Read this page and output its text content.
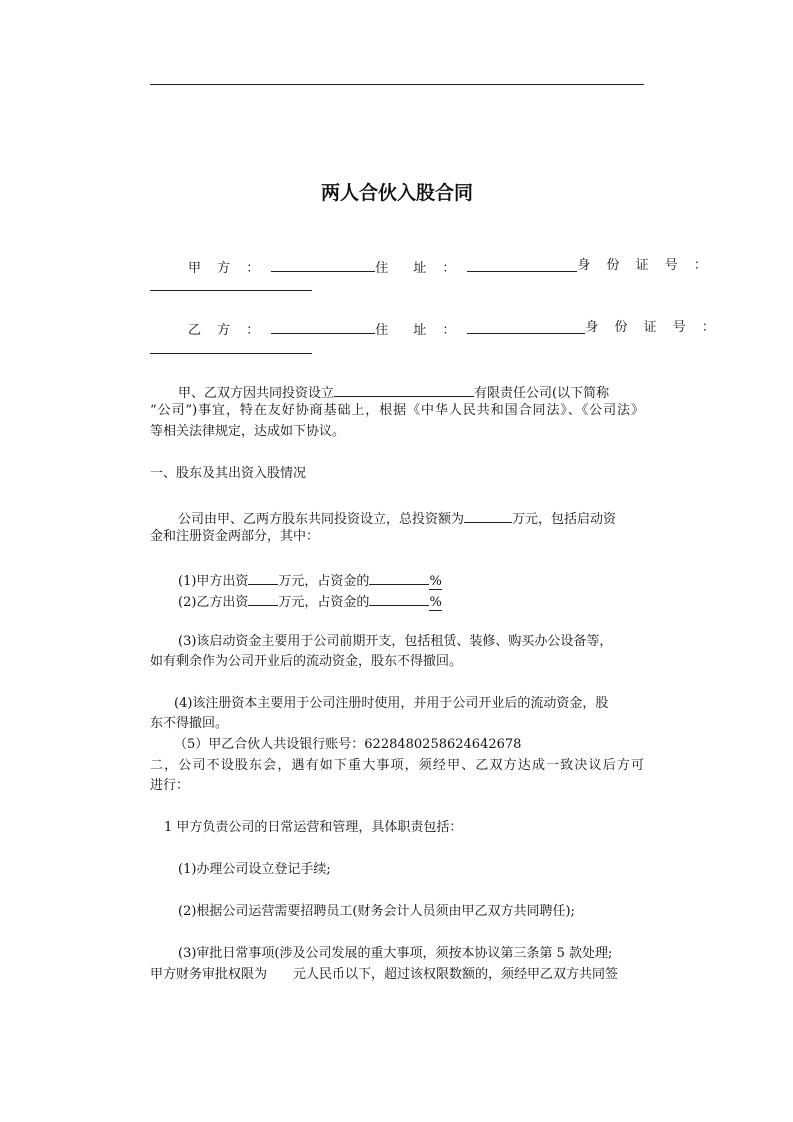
两人合伙入股合同
甲 方 ：	住　址 ：	身 份 证 号 ：
乙 方 ：	住　址 ：	身 份 证 号 ：
甲、乙双方因共同投资设立	有限责任公司(以下简称
“公司”)事宜，特在友好协商基础上，根据《中华人民共和国合同法》、《公司法》
等相关法律规定，达成如下协议。
一、股东及其出资入股情况
公司由甲、乙两方股东共同投资设立，总投资额为	万元，包括启动资
金和注册资金两部分，其中：
(1)甲方出资 万元，占资金的	%
(2)乙方出资 万元，占资金的	%
(3)该启动资金主要用于公司前期开支，包括租赁、装修、购买办公设备等，
如有剩余作为公司开业后的流动资金，股东不得撤回。
(4)该注册资本主要用于公司注册时使用，并用于公司开业后的流动资金，股
东不得撤回。
（5）甲乙合伙人共设银行账号：6228480258624642678
二，公司不设股东会，遇有如下重大事项，须经甲、乙双方达成一致决议后方可
进行：
1 甲方负责公司的日常运营和管理，具体职责包括：
(1)办理公司设立登记手续;
(2)根据公司运营需要招聘员工(财务会计人员须由甲乙双方共同聘任);
(3)审批日常事项(涉及公司发展的重大事项，须按本协议第三条第 5 款处理;
甲方财务审批权限为 元人民币以下，超过该权限数额的，须经甲乙双方共同签
